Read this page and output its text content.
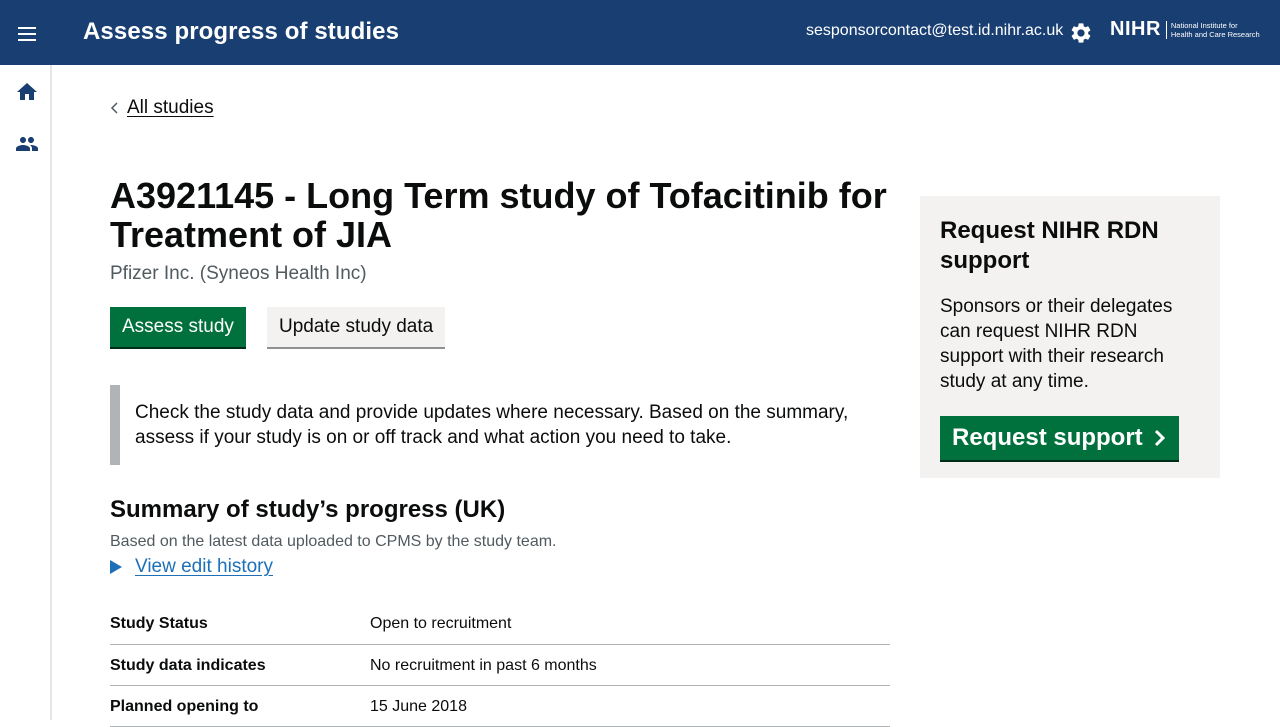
Assess progress of studies	sesponsorcontact@test.id.nihr.ac.uk NIHR	National Institute for
Health and Care Research
All studies
A3921145 - Long Term study of Tofacitinib for Treatment of JIA
Pfizer Inc. (Syneos Health Inc)
Assess study	Update study data
Check the study data and provide updates where necessary. Based on the summary, assess if your study is on or off track and what action you need to take.
Summary of study’s progress (UK)
Based on the latest data uploaded to CPMS by the study team.
View edit history
Study Status	Open to recruitment
Study data indicates	No recruitment in past 6 months
Planned opening to	15 June 2018
Request NIHR RDN support

Sponsors or their delegates can request NIHR RDN support with their research study at any time.

Request support
